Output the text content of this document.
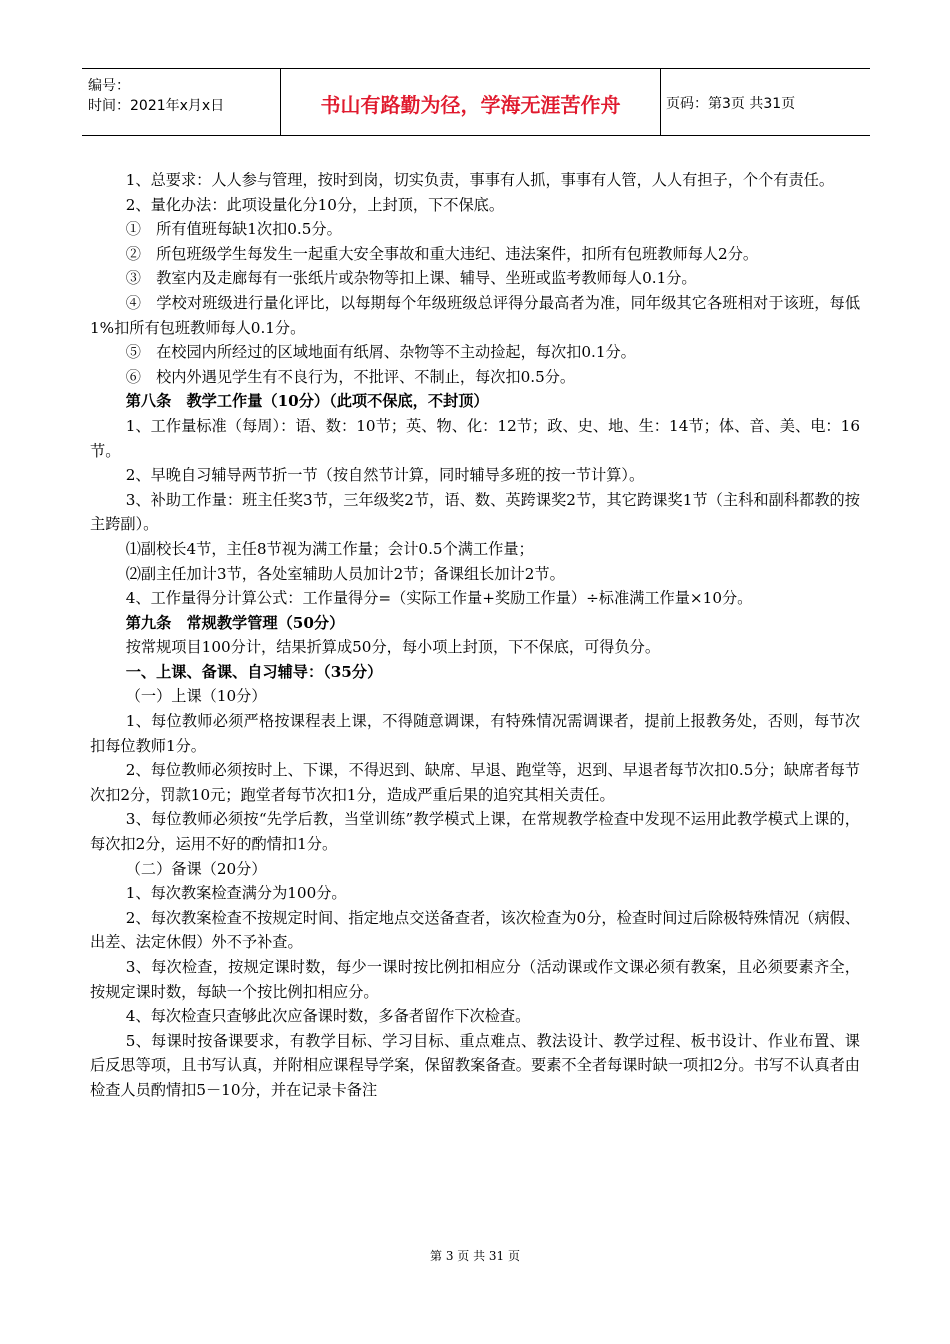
编号：
时间：2021年x月x日	书山有路勤为径，学海无涯苦作舟	页码：第3页 共31页

1、总要求：人人参与管理，按时到岗，切实负责，事事有人抓，事事有人管，人人有担子，个个有责任。

2、量化办法：此项设量化分10分，上封顶，下不保底。

①　所有值班每缺1次扣0.5分。

②　所包班级学生每发生一起重大安全事故和重大违纪、违法案件，扣所有包班教师每人2分。

③　教室内及走廊每有一张纸片或杂物等扣上课、辅导、坐班或监考教师每人0.1分。

④　学校对班级进行量化评比，以每期每个年级班级总评得分最高者为准，同年级其它各班相对于该班，每低1%扣所有包班教师每人0.1分。

⑤　在校园内所经过的区域地面有纸屑、杂物等不主动捡起，每次扣0.1分。

⑥　校内外遇见学生有不良行为，不批评、不制止，每次扣0.5分。

第八条　教学工作量（10分）（此项不保底，不封顶）

1、工作量标准（每周）：语、数：10节；英、物、化：12节；政、史、地、生：14节；体、音、美、电：16节。

2、早晚自习辅导两节折一节（按自然节计算，同时辅导多班的按一节计算）。

3、补助工作量：班主任奖3节，三年级奖2节，语、数、英跨课奖2节，其它跨课奖1节（主科和副科都教的按主跨副）。

⑴副校长4节，主任8节视为满工作量；会计0.5个满工作量；

⑵副主任加计3节，各处室辅助人员加计2节；备课组长加计2节。

4、工作量得分计算公式：工作量得分=（实际工作量+奖励工作量）÷标准满工作量×10分。

第九条　常规教学管理（50分）

按常规项目100分计，结果折算成50分，每小项上封顶，下不保底，可得负分。

一、上课、备课、自习辅导：（35分）

（一）上课（10分）

1、每位教师必须严格按课程表上课，不得随意调课，有特殊情况需调课者，提前上报教务处，否则，每节次扣每位教师1分。

2、每位教师必须按时上、下课，不得迟到、缺席、早退、跑堂等，迟到、早退者每节次扣0.5分；缺席者每节次扣2分，罚款10元；跑堂者每节次扣1分，造成严重后果的追究其相关责任。

3、每位教师必须按“先学后教，当堂训练”教学模式上课，在常规教学检查中发现不运用此教学模式上课的，每次扣2分，运用不好的酌情扣1分。

（二）备课（20分）

1、每次教案检查满分为100分。

2、每次教案检查不按规定时间、指定地点交送备查者，该次检查为0分，检查时间过后除极特殊情况（病假、出差、法定休假）外不予补查。

3、每次检查，按规定课时数，每少一课时按比例扣相应分（活动课或作文课必须有教案，且必须要素齐全，按规定课时数，每缺一个按比例扣相应分。

4、每次检查只查够此次应备课时数，多备者留作下次检查。

5、每课时按备课要求，有教学目标、学习目标、重点难点、教法设计、教学过程、板书设计、作业布置、课后反思等项，且书写认真，并附相应课程导学案，保留教案备查。要素不全者每课时缺一项扣2分。书写不认真者由检查人员酌情扣5－10分，并在记录卡备注

第 3 页 共 31 页
